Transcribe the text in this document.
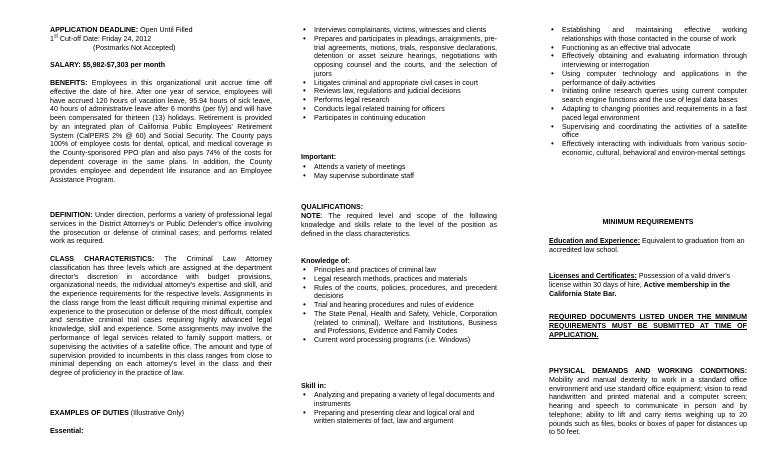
APPLICATION DEADLINE: Open Until Filled
1st Cut-off Date: Friday 24, 2012
(Postmarks Not Accepted)
SALARY: $5,982-$7,303 per month
BENEFITS: Employees in this organizational unit accrue time off effective the date of hire. After one year of service, employees will have accrued 120 hours of vacation leave, 95.94 hours of sick leave, 40 hours of administrative leave after 6 months (per f/y) and will have been compensated for thirteen (13) holidays. Retirement is provided by an integrated plan of California Public Employees' Retirement System (CalPERS 2% @ 60) and Social Security. The County pays 100% of employee costs for dental, optical, and medical coverage in the County-sponsored PPO plan and also pays 74% of the costs for dependent coverage in the same plans. In addition, the County provides employee and dependent life insurance and an Employee Assistance Program.
DEFINITION: Under direction, performs a variety of professional legal services in the District Attorney's or Public Defender's office involving the prosecution or defense of criminal cases; and performs related work as required.
CLASS CHARACTERISTICS: The Criminal Law Attorney classification has three levels which are assigned at the department director's discretion in accordance with budget provisions, organizational needs, the individual attorney's expertise and skill, and the experience requirements for the respective levels. Assignments in the class range from the least difficult requiring minimal expertise and experience to the prosecution or defense of the most difficult, complex and sensitive criminal trial cases requiring highly advanced legal knowledge, skill and experience. Some assignments may involve the performance of legal services related to family support matters, or supervising the activities of a satellite office. The amount and type of supervision provided to incumbents in this class ranges from close to minimal depending on each attorney's level in the class and their degree of proficiency in the practice of law.
EXAMPLES OF DUTIES (Illustrative Only)
Essential:
• Interviews complainants, victims, witnesses and clients
• Prepares and participates in pleadings, arraignments, pre-trial agreements, motions, trials, responsive declarations, detention or asset seizure hearings, negotiations with opposing counsel and the courts, and the selection of jurors
• Litigates criminal and appropriate civil cases in court
• Reviews law, regulations and judicial decisions
• Performs legal research
• Conducts legal related training for officers
• Participates in continuing education
Important:
• Attends a variety of meetings
• May supervise subordinate staff
QUALIFICATIONS:
NOTE: The required level and scope of the following knowledge and skills relate to the level of the position as defined in the class characteristics.
Knowledge of:
• Principles and practices of criminal law
• Legal research methods, practices and materials
• Rules of the courts, policies, procedures, and precedent decisions
• Trial and hearing procedures and rules of evidence
• The State Penal, Health and Safety, Vehicle, Corporation (related to criminal), Welfare and Institutions, Business and Professions, Evidence and Family Codes
• Current word processing programs (i.e. Windows)
Skill in:
• Analyzing and preparing a variety of legal documents and instruments
• Preparing and presenting clear and logical oral and written statements of fact, law and argument
• Establishing and maintaining effective working relationships with those contacted in the course of work
• Functioning as an effective trial advocate
• Effectively obtaining and evaluating information through interviewing or interrogation
• Using computer technology and applications in the performance of daily activities
• Initiating online research queries using current computer search engine functions and the use of legal data bases
• Adapting to changing priorities and requirements in a fast paced legal environment
• Supervising and coordinating the activities of a satellite office
• Effectively interacting with individuals from various socio-economic, cultural, behavioral and environ-mental settings
MINIMUM REQUIREMENTS
Education and Experience: Equivalent to graduation from an accredited law school.
Licenses and Certificates: Possession of a valid driver's license within 30 days of hire, Active membership in the California State Bar.
REQUIRED DOCUMENTS LISTED UNDER THE MINIMUM REQUIREMENTS MUST BE SUBMITTED AT TIME OF APPLICATION.
PHYSICAL DEMANDS AND WORKING CONDITIONS: Mobility and manual dexterity to work in a standard office environment and use standard office equipment; vision to read handwritten and printed material and a computer screen; hearing and speech to communicate in person and by telephone; ability to lift and carry items weighing up to 20 pounds such as files, books or boxes of paper for distances up to 50 feet.
